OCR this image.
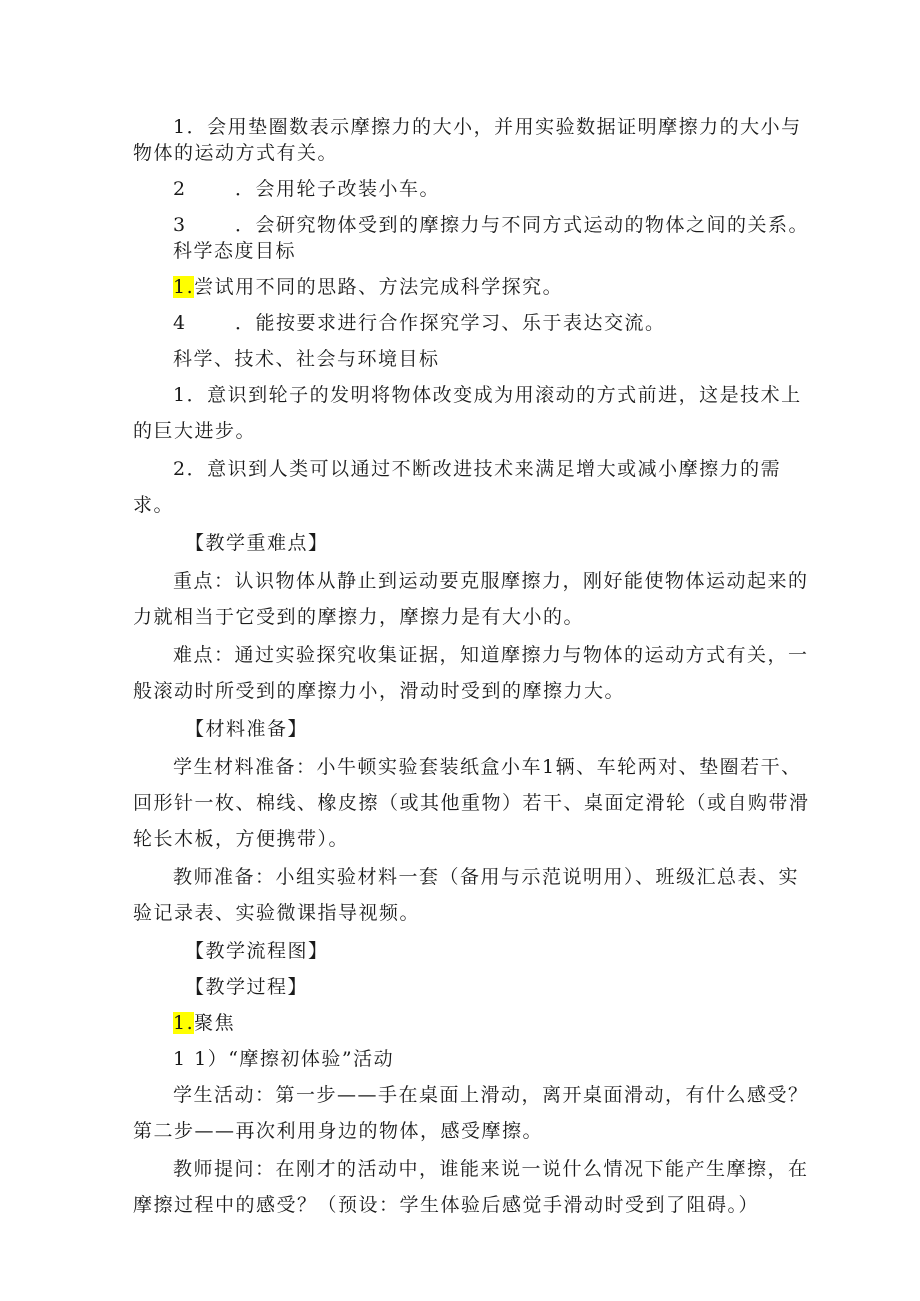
1．会用垫圈数表示摩擦力的大小，并用实验数据证明摩擦力的大小与
物体的运动方式有关。
2	．会用轮子改装小车。
3	．会研究物体受到的摩擦力与不同方式运动的物体之间的关系。
科学态度目标
1.尝试用不同的思路、方法完成科学探究。
4	．能按要求进行合作探究学习、乐于表达交流。
科学、技术、社会与环境目标
1．意识到轮子的发明将物体改变成为用滚动的方式前进，这是技术上
的巨大进步。
2．意识到人类可以通过不断改进技术来满足增大或减小摩擦力的需
求。
【教学重难点】
重点：认识物体从静止到运动要克服摩擦力，刚好能使物体运动起来的
力就相当于它受到的摩擦力，摩擦力是有大小的。
难点：通过实验探究收集证据，知道摩擦力与物体的运动方式有关，一
般滚动时所受到的摩擦力小，滑动时受到的摩擦力大。
【材料准备】
学生材料准备：小牛顿实验套装纸盒小车1辆、车轮两对、垫圈若干、
回形针一枚、棉线、橡皮擦（或其他重物）若干、桌面定滑轮（或自购带滑
轮长木板，方便携带）。
教师准备：小组实验材料一套（备用与示范说明用）、班级汇总表、实
验记录表、实验微课指导视频。
【教学流程图】
【教学过程】
1.聚焦
1 1）“摩擦初体验”活动
学生活动：第一步——手在桌面上滑动，离开桌面滑动，有什么感受？
第二步——再次利用身边的物体，感受摩擦。
教师提问：在刚才的活动中，谁能来说一说什么情况下能产生摩擦，在
摩擦过程中的感受？（预设：学生体验后感觉手滑动时受到了阻碍。）
